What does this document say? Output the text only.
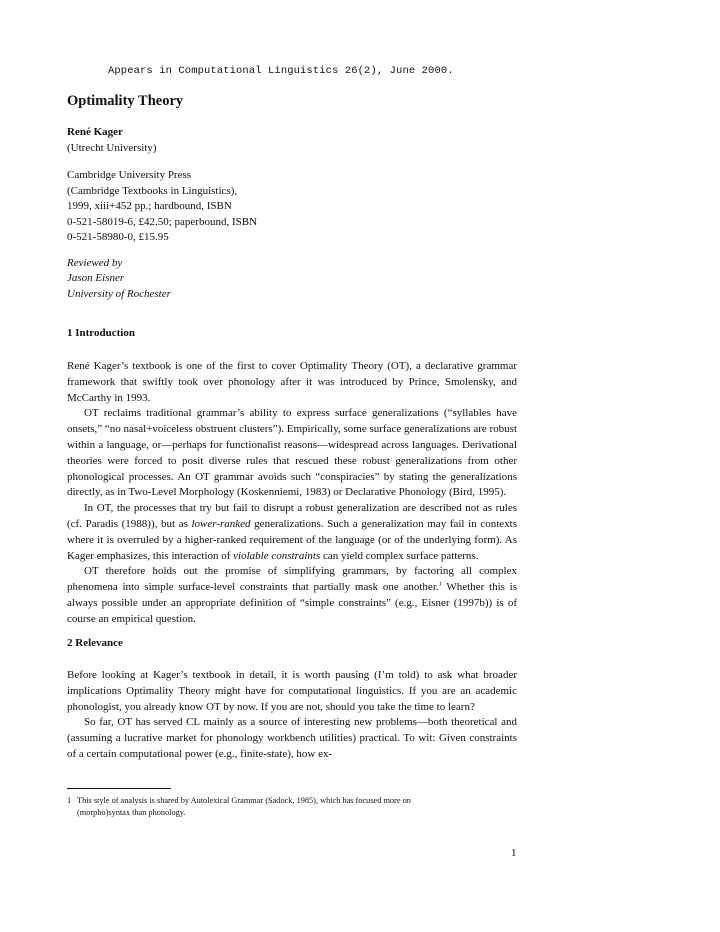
Appears in Computational Linguistics 26(2), June 2000.
Optimality Theory
René Kager
(Utrecht University)
Cambridge University Press
(Cambridge Textbooks in Linguistics),
1999, xiii+452 pp.; hardbound, ISBN
0-521-58019-6, £42.50; paperbound, ISBN
0-521-58980-0, £15.95
Reviewed by
Jason Eisner
University of Rochester
1 Introduction

René Kager’s textbook is one of the first to cover Optimality Theory (OT), a declarative grammar framework that swiftly took over phonology after it was introduced by Prince, Smolensky, and McCarthy in 1993.

OT reclaims traditional grammar’s ability to express surface generalizations (“syllables have onsets,” “no nasal+voiceless obstruent clusters”). Empirically, some surface generalizations are robust within a language, or—perhaps for functionalist reasons—widespread across languages. Derivational theories were forced to posit diverse rules that rescued these robust generalizations from other phonological processes. An OT grammar avoids such “conspiracies” by stating the generalizations directly, as in Two-Level Morphology (Koskenniemi, 1983) or Declarative Phonology (Bird, 1995).

In OT, the processes that try but fail to disrupt a robust generalization are described not as rules (cf. Paradis (1988)), but as lower-ranked generalizations. Such a generalization may fail in contexts where it is overruled by a higher-ranked requirement of the language (or of the underlying form). As Kager emphasizes, this interaction of violable constraints can yield complex surface patterns.

OT therefore holds out the promise of simplifying grammars, by factoring all complex phenomena into simple surface-level constraints that partially mask one another.$^1$ Whether this is always possible under an appropriate definition of “simple constraints” (e.g., Eisner (1997b)) is of course an empirical question.

2 Relevance

Before looking at Kager’s textbook in detail, it is worth pausing (I’m told) to ask what broader implications Optimality Theory might have for computational linguistics. If you are an academic phonologist, you already know OT by now. If you are not, should you take the time to learn?

So far, OT has served CL mainly as a source of interesting new problems—both theoretical and (assuming a lucrative market for phonology workbench utilities) practical. To wit: Given constraints of a certain computational power (e.g., finite-state), how ex-

1 This style of analysis is shared by Autolexical Grammar (Sadock, 1985), which has focused more on
(morpho)syntax than phonology.
1
